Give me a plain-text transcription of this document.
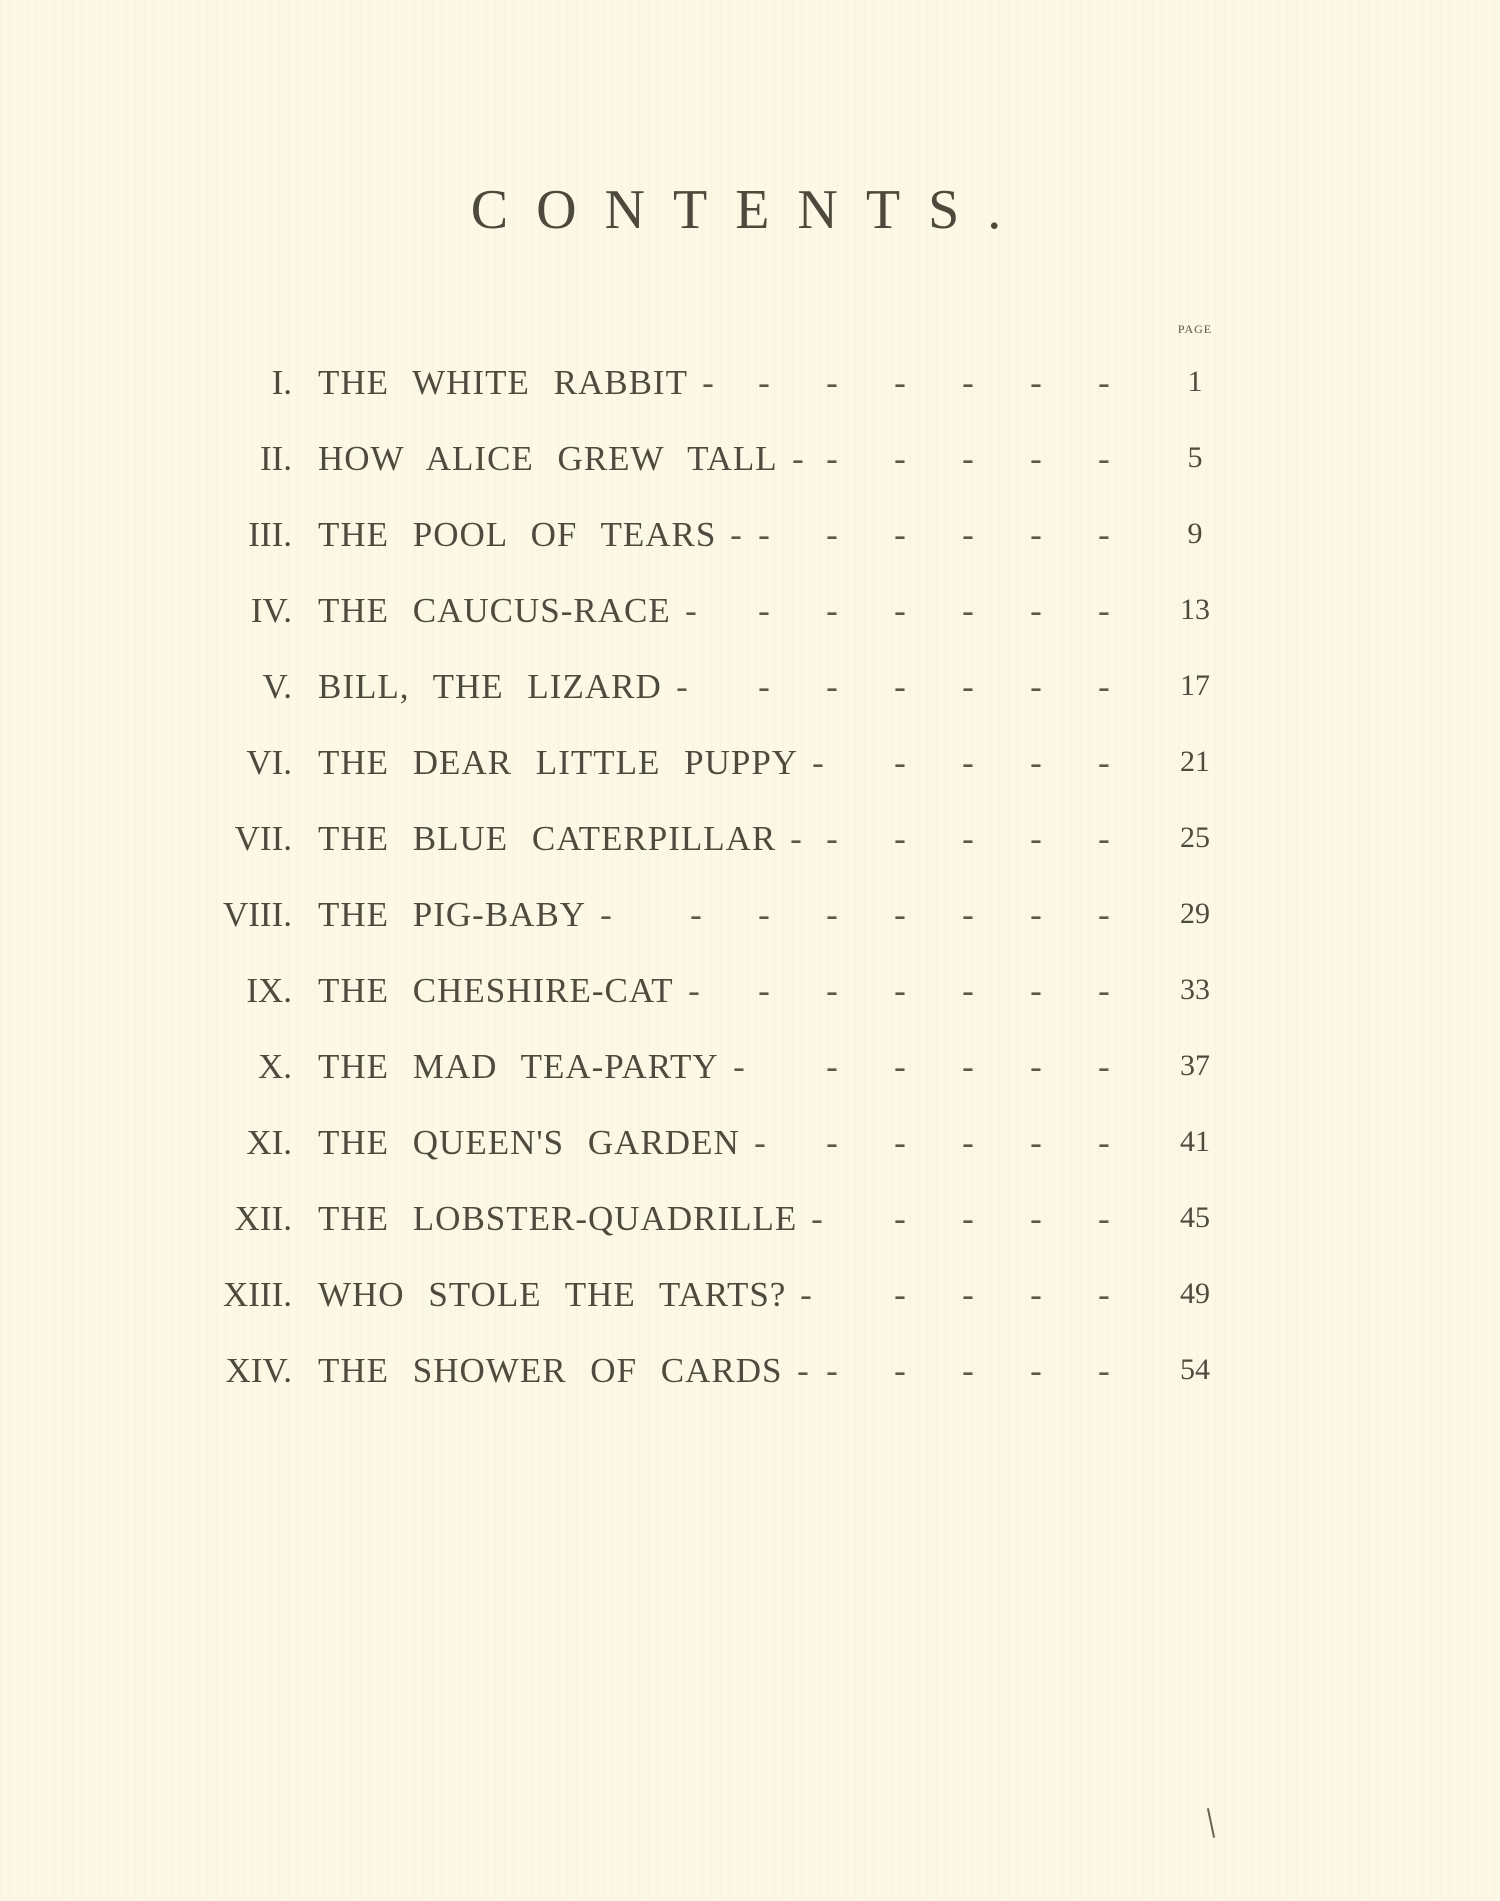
CONTENTS.
PAGE
I. THE WHITE RABBIT - - - - - - -	1
II. HOW ALICE GREW TALL - - - - - -	5
III. THE POOL OF TEARS - - - - - - -	9
IV. THE CAUCUS-RACE - - - - - - -	13
V. BILL, THE LIZARD - - - - - - -	17
VI. THE DEAR LITTLE PUPPY - - - - -	21
VII. THE BLUE CATERPILLAR - - - - - -	25
VIII. THE PIG-BABY - - - - - - - -	29
IX. THE CHESHIRE-CAT - - - - - - -	33
X. THE MAD TEA-PARTY - - - - - -	37
XI. THE QUEEN'S GARDEN - - - - - -	41
XII. THE LOBSTER-QUADRILLE - - - - -	45
XIII. WHO STOLE THE TARTS? - - - - -	49
XIV. THE SHOWER OF CARDS - - - - - -	54
